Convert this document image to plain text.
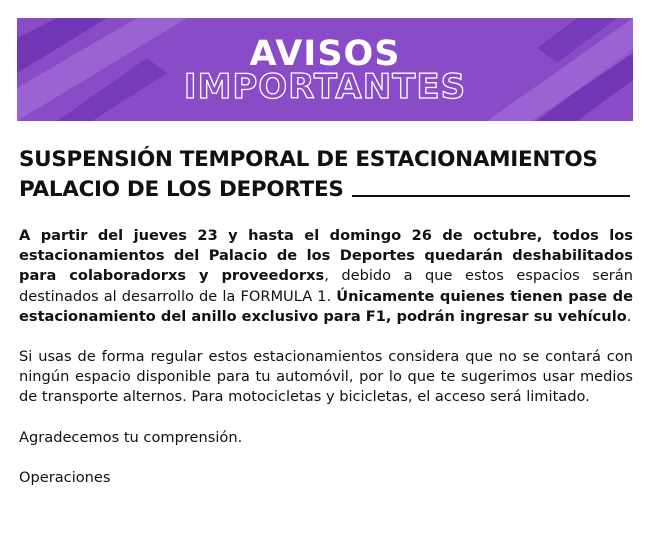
AVISOS
IMPORTANTES
SUSPENSIÓN TEMPORAL DE ESTACIONAMIENTOS
PALACIO DE LOS DEPORTES

A partir del jueves 23 y hasta el domingo 26 de octubre, todos los estacionamientos del Palacio de los Deportes quedarán deshabilitados para colaboradorxs y proveedorxs, debido a que estos espacios serán destinados al desarrollo de la FORMULA 1. Únicamente quienes tienen pase de estacionamiento del anillo exclusivo para F1, podrán ingresar su vehículo.

Si usas de forma regular estos estacionamientos considera que no se contará con ningún espacio disponible para tu automóvil, por lo que te sugerimos usar medios de transporte alternos. Para motocicletas y bicicletas, el acceso será limitado.

Agradecemos tu comprensión.

Operaciones
